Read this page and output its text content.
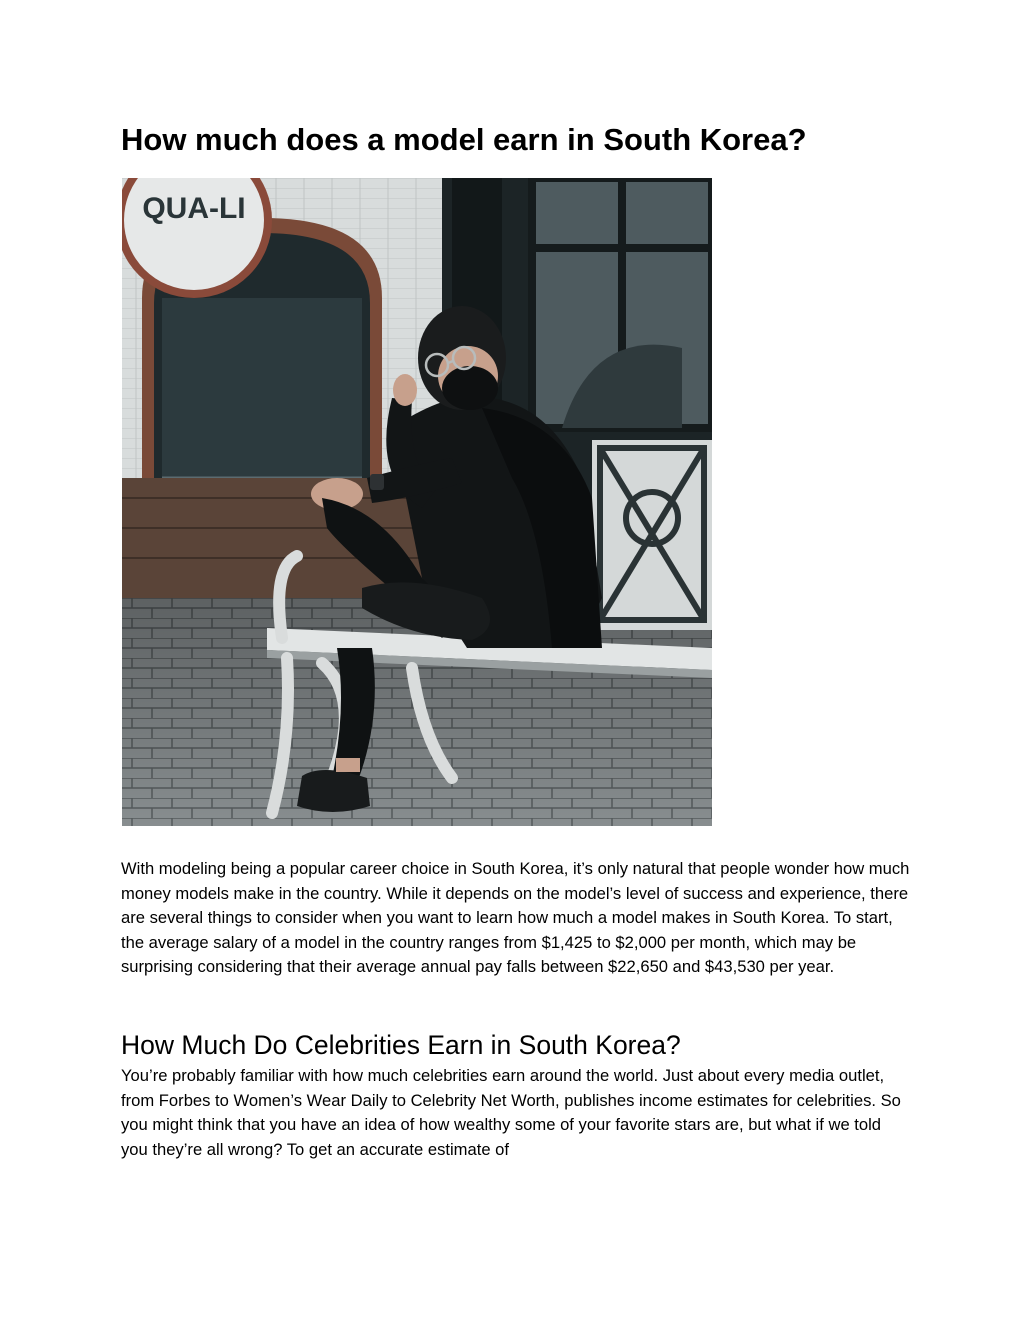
How much does a model earn in South Korea?
QUA-LI

With modeling being a popular career choice in South Korea, it’s only natural that people wonder how much money models make in the country. While it depends on the model’s level of success and experience, there are several things to consider when you want to learn how much a model makes in South Korea. To start, the average salary of a model in the country ranges from $1,425 to $2,000 per month, which may be surprising considering that their average annual pay falls between $22,650 and $43,530 per year.

How Much Do Celebrities Earn in South Korea?

You’re probably familiar with how much celebrities earn around the world. Just about every media outlet, from Forbes to Women’s Wear Daily to Celebrity Net Worth, publishes income estimates for celebrities. So you might think that you have an idea of how wealthy some of your favorite stars are, but what if we told you they’re all wrong? To get an accurate estimate of
